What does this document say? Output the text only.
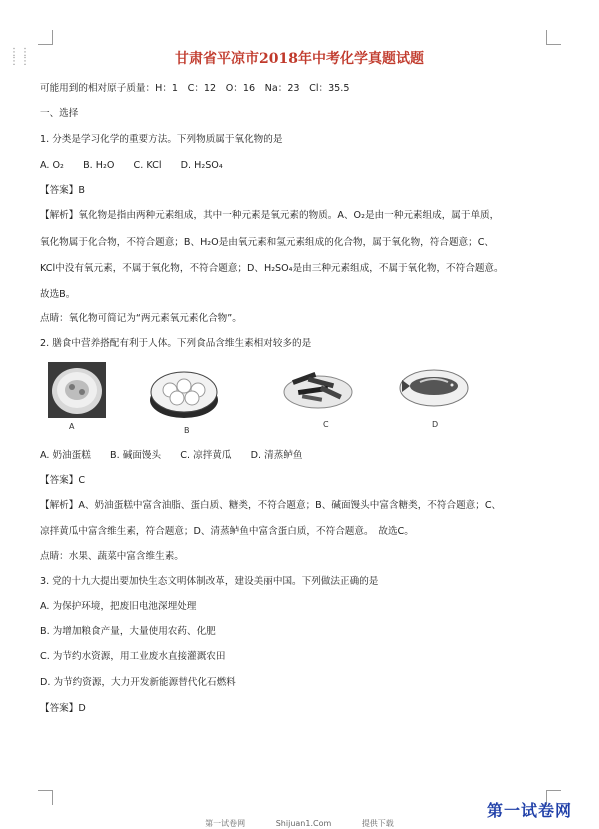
⋮⋮
⋮⋮	甘肃省平凉市2018年中考化学真题试题
可能用到的相对原子质量：H：1　C：12　O：16　Na：23　Cl：35.5
一、选择
1. 分类是学习化学的重要方法。下列物质属于氧化物的是
A. O₂　　B. H₂O　　C. KCl　　D. H₂SO₄
【答案】B
【解析】氧化物是指由两种元素组成，其中一种元素是氧元素的物质。A、O₂是由一种元素组成，属于单质，
氧化物属于化合物，不符合题意；B、H₂O是由氧元素和氢元素组成的化合物，属于氧化物，符合题意；C、
KCl中没有氧元素，不属于氧化物，不符合题意；D、H₂SO₄是由三种元素组成，不属于氧化物，不符合题意。
故选B。
点睛：氧化物可简记为“两元素氧元素化合物”。
2. 膳食中营养搭配有利于人体。下列食品含维生素相对较多的是
A	B
C	D
A. 奶油蛋糕　　B. 碱面馒头　　C. 凉拌黄瓜　　D. 清蒸鲈鱼
【答案】C
【解析】A、奶油蛋糕中富含油脂、蛋白质、糖类，不符合题意；B、碱面馒头中富含糖类，不符合题意；C、
凉拌黄瓜中富含维生素，符合题意；D、清蒸鲈鱼中富含蛋白质，不符合题意。　故选C。
点睛：水果、蔬菜中富含维生素。
3. 党的十九大提出要加快生态文明体制改革，建设美丽中国。下列做法正确的是
A. 为保护环境，把废旧电池深埋处理
B. 为增加粮食产量，大量使用农药、化肥
C. 为节约水资源，用工业废水直接灌溉农田
D. 为节约资源，大力开发新能源替代化石燃料
【答案】D
第一试卷网	Shijuan1.Com	提供下载
第一试卷网
